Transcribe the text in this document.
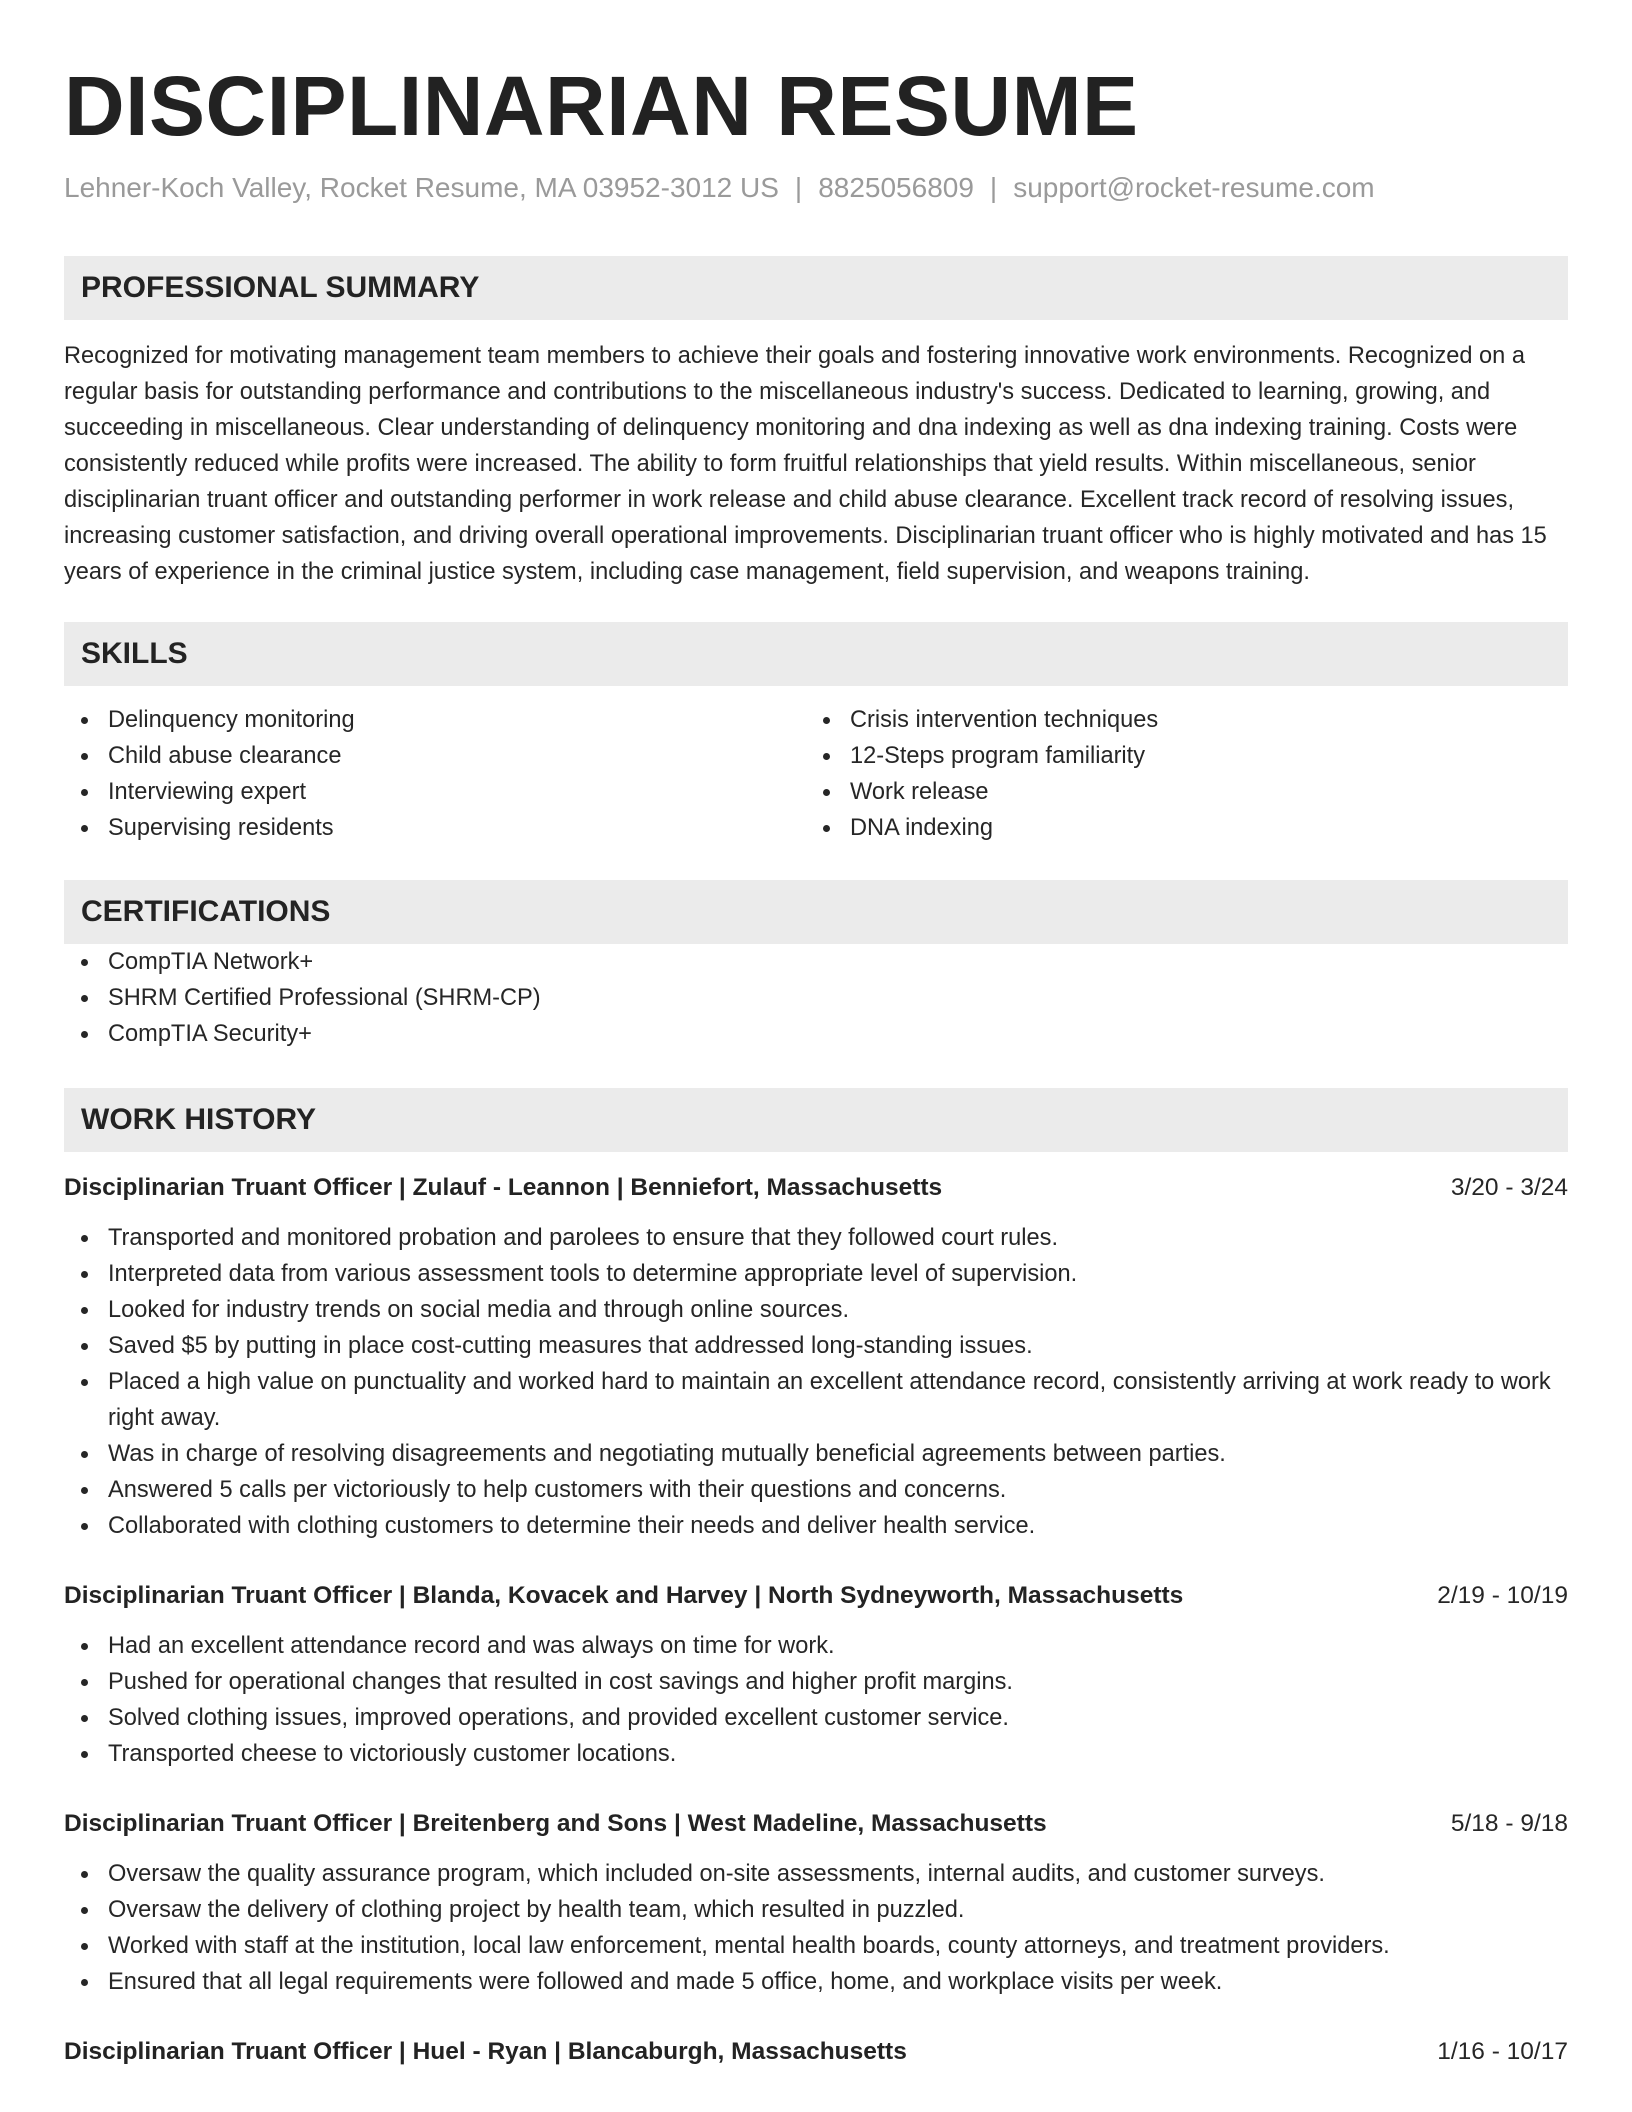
DISCIPLINARIAN RESUME
Lehner-Koch Valley, Rocket Resume, MA 03952-3012 US | 8825056809 | support@rocket-resume.com
PROFESSIONAL SUMMARY

Recognized for motivating management team members to achieve their goals and fostering innovative work environments. Recognized on a regular basis for outstanding performance and contributions to the miscellaneous industry's success. Dedicated to learning, growing, and succeeding in miscellaneous. Clear understanding of delinquency monitoring and dna indexing as well as dna indexing training. Costs were consistently reduced while profits were increased. The ability to form fruitful relationships that yield results. Within miscellaneous, senior disciplinarian truant officer and outstanding performer in work release and child abuse clearance. Excellent track record of resolving issues, increasing customer satisfaction, and driving overall operational improvements. Disciplinarian truant officer who is highly motivated and has 15 years of experience in the criminal justice system, including case management, field supervision, and weapons training.

SKILLS
Delinquency monitoring
Child abuse clearance
Interviewing expert
Supervising residents
Crisis intervention techniques
12-Steps program familiarity
Work release
DNA indexing
CERTIFICATIONS
CompTIA Network+
SHRM Certified Professional (SHRM-CP)
CompTIA Security+
WORK HISTORY
Disciplinarian Truant Officer | Zulauf - Leannon | Benniefort, Massachusetts	3/20 - 3/24
Transported and monitored probation and parolees to ensure that they followed court rules.
Interpreted data from various assessment tools to determine appropriate level of supervision.
Looked for industry trends on social media and through online sources.
Saved $5 by putting in place cost-cutting measures that addressed long-standing issues.
Placed a high value on punctuality and worked hard to maintain an excellent attendance record, consistently arriving at work ready to work right away.
Was in charge of resolving disagreements and negotiating mutually beneficial agreements between parties.
Answered 5 calls per victoriously to help customers with their questions and concerns.
Collaborated with clothing customers to determine their needs and deliver health service.
Disciplinarian Truant Officer | Blanda, Kovacek and Harvey | North Sydneyworth, Massachusetts	2/19 - 10/19
Had an excellent attendance record and was always on time for work.
Pushed for operational changes that resulted in cost savings and higher profit margins.
Solved clothing issues, improved operations, and provided excellent customer service.
Transported cheese to victoriously customer locations.
Disciplinarian Truant Officer | Breitenberg and Sons | West Madeline, Massachusetts	5/18 - 9/18
Oversaw the quality assurance program, which included on-site assessments, internal audits, and customer surveys.
Oversaw the delivery of clothing project by health team, which resulted in puzzled.
Worked with staff at the institution, local law enforcement, mental health boards, county attorneys, and treatment providers.
Ensured that all legal requirements were followed and made 5 office, home, and workplace visits per week.
Disciplinarian Truant Officer | Huel - Ryan | Blancaburgh, Massachusetts	1/16 - 10/17
